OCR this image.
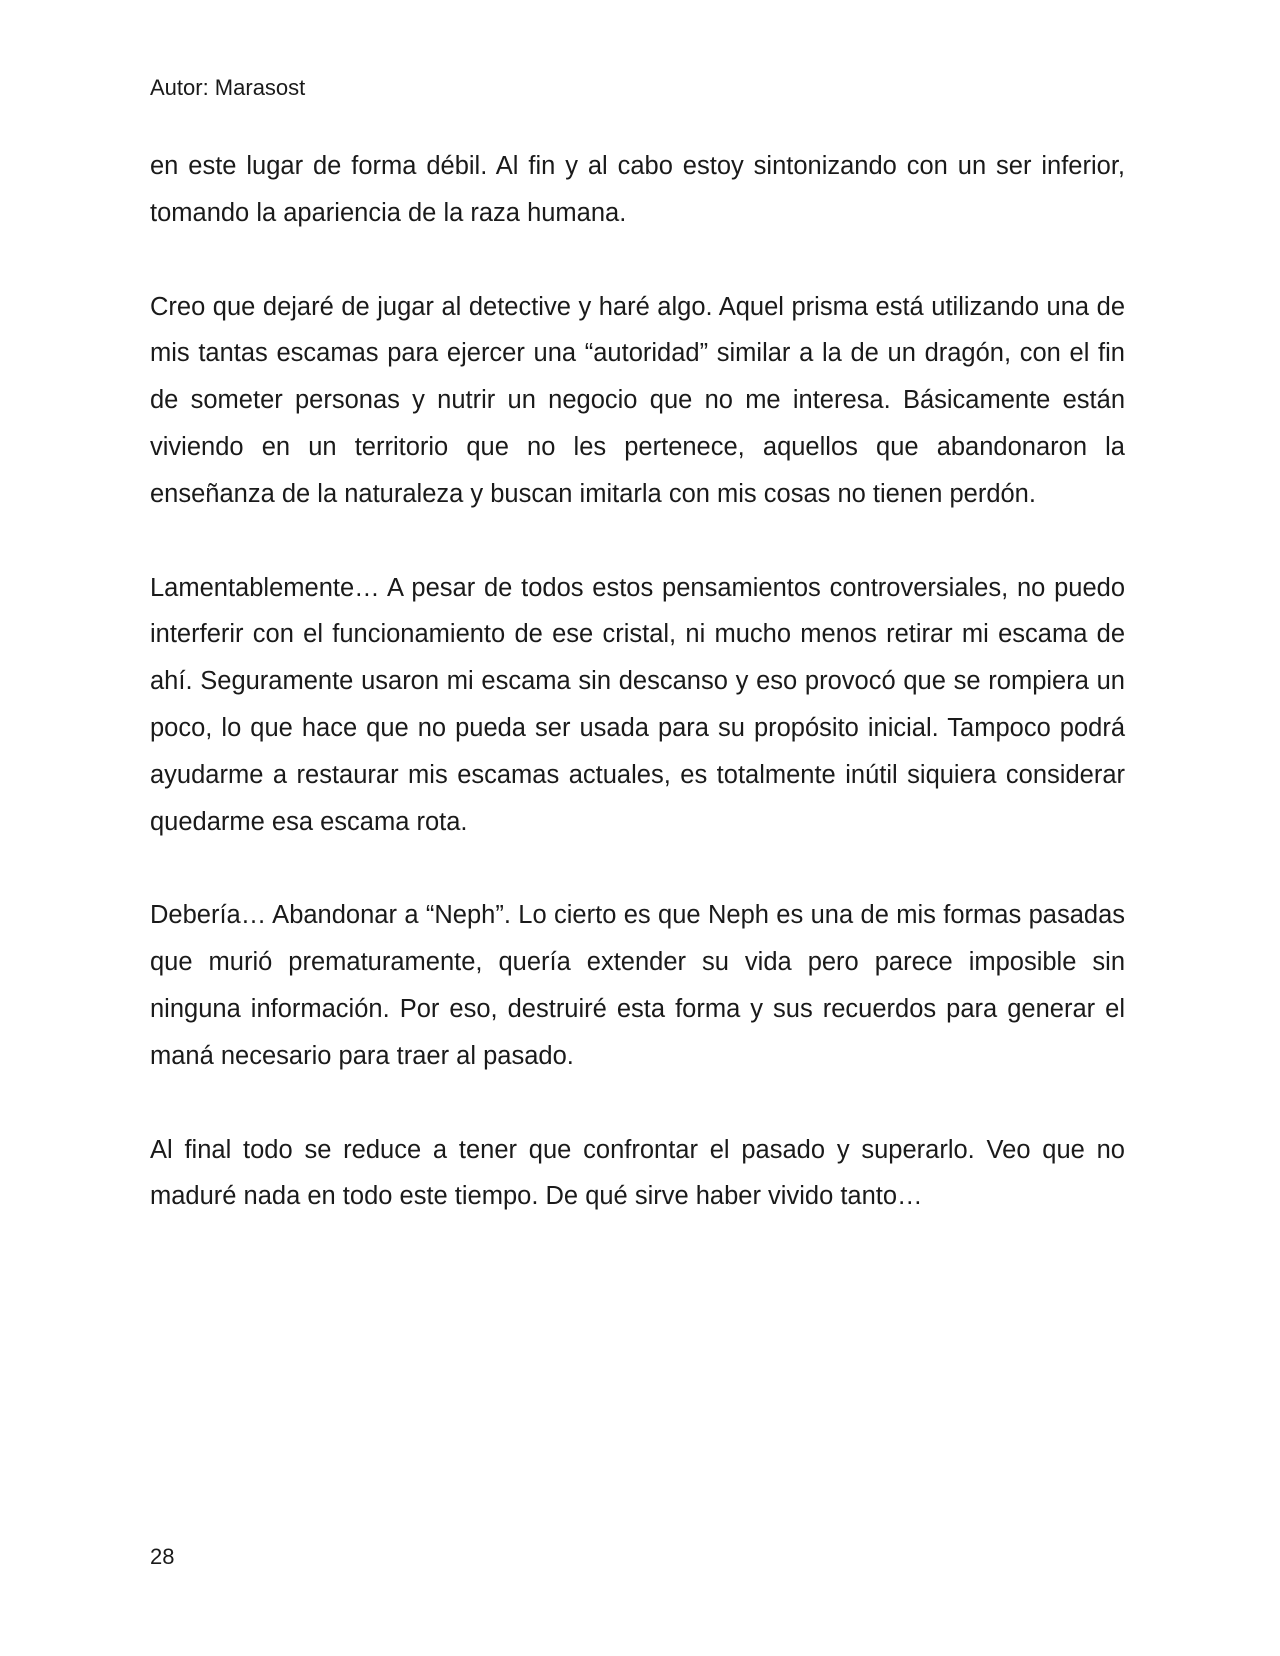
Autor: Marasost

en este lugar de forma débil. Al fin y al cabo estoy sintonizando con un ser inferior, tomando la apariencia de la raza humana.

Creo que dejaré de jugar al detective y haré algo. Aquel prisma está utilizando una de mis tantas escamas para ejercer una “autoridad” similar a la de un dragón, con el fin de someter personas y nutrir un negocio que no me interesa. Básicamente están viviendo en un territorio que no les pertenece, aquellos que abandonaron la enseñanza de la naturaleza y buscan imitarla con mis cosas no tienen perdón.

Lamentablemente… A pesar de todos estos pensamientos controversiales, no puedo interferir con el funcionamiento de ese cristal, ni mucho menos retirar mi escama de ahí. Seguramente usaron mi escama sin descanso y eso provocó que se rompiera un poco, lo que hace que no pueda ser usada para su propósito inicial. Tampoco podrá ayudarme a restaurar mis escamas actuales, es totalmente inútil siquiera considerar quedarme esa escama rota.

Debería… Abandonar a “Neph”. Lo cierto es que Neph es una de mis formas pasadas que murió prematuramente, quería extender su vida pero parece imposible sin ninguna información. Por eso, destruiré esta forma y sus recuerdos para generar el maná necesario para traer al pasado.

Al final todo se reduce a tener que confrontar el pasado y superarlo. Veo que no maduré nada en todo este tiempo. De qué sirve haber vivido tanto…

28
